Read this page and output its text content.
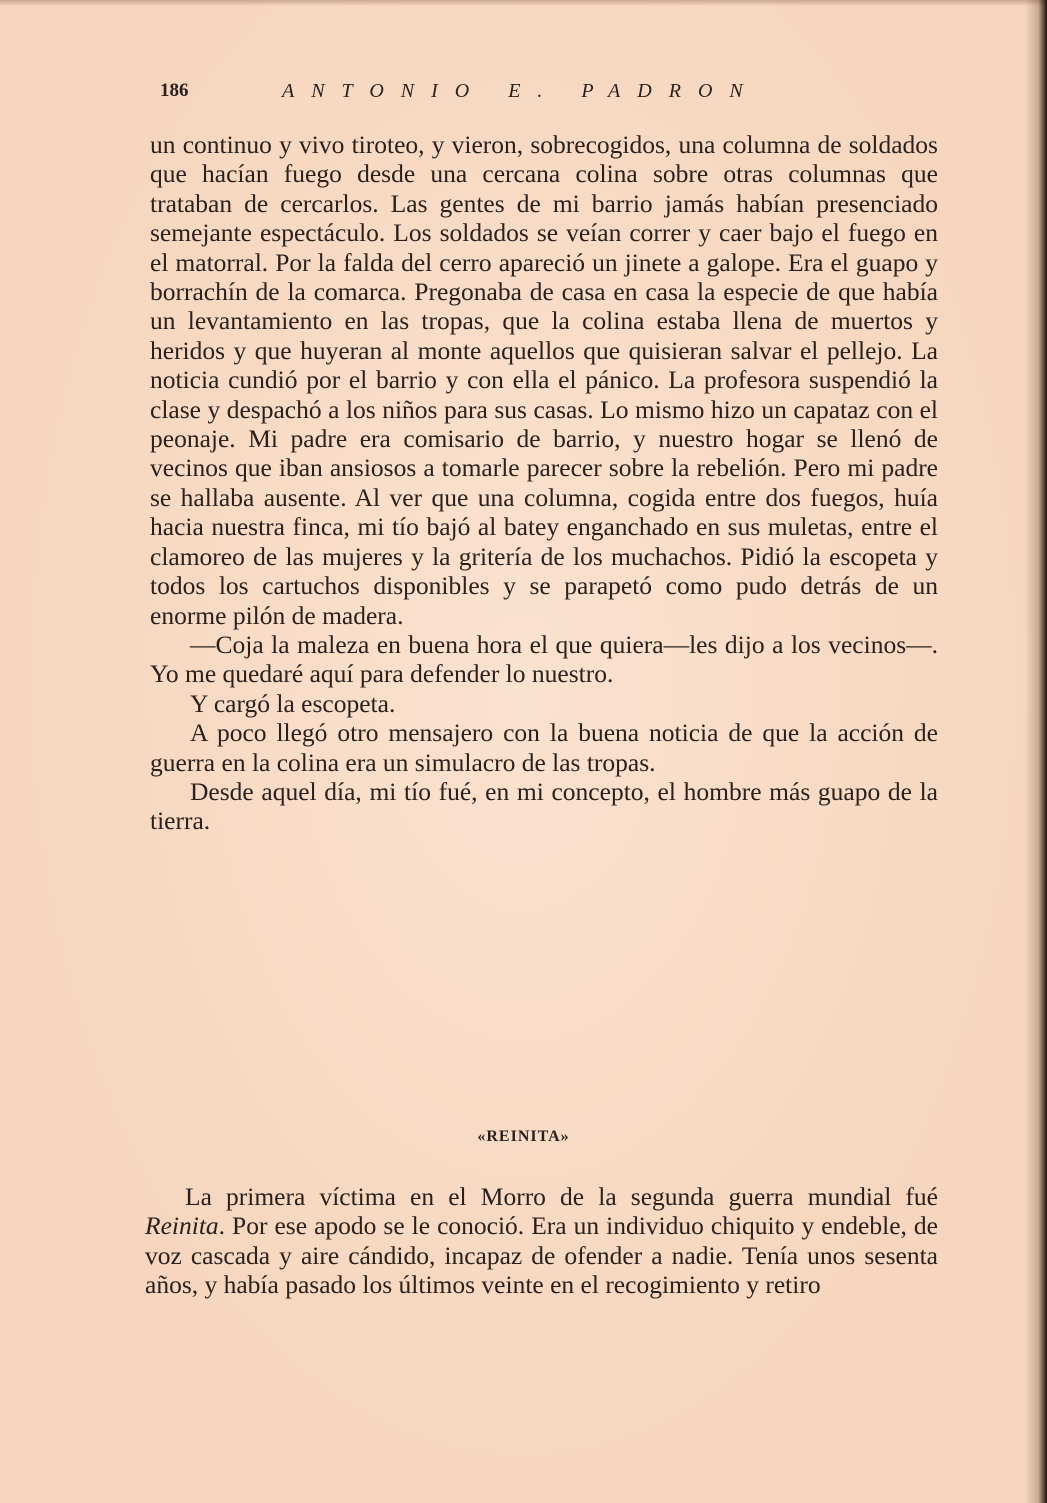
186	ANTONIO E. PADRON

un continuo y vivo tiroteo, y vieron, sobrecogidos, una columna de soldados que hacían fuego desde una cercana colina sobre otras columnas que trataban de cercarlos. Las gentes de mi barrio jamás habían presenciado semejante espectáculo. Los soldados se veían correr y caer bajo el fuego en el matorral. Por la falda del cerro apareció un jinete a galope. Era el guapo y borrachín de la comarca. Pregonaba de casa en casa la especie de que había un levantamiento en las tropas, que la colina estaba llena de muertos y heridos y que huyeran al monte aquellos que quisieran salvar el pellejo. La noticia cundió por el barrio y con ella el pánico. La profesora suspendió la clase y despachó a los niños para sus casas. Lo mismo hizo un capataz con el peonaje. Mi padre era comisario de barrio, y nuestro hogar se llenó de vecinos que iban ansiosos a tomarle parecer sobre la rebelión. Pero mi padre se hallaba ausente. Al ver que una columna, cogida entre dos fuegos, huía hacia nuestra finca, mi tío bajó al batey enganchado en sus muletas, entre el clamoreo de las mujeres y la gritería de los muchachos. Pidió la escopeta y todos los cartuchos disponibles y se parapetó como pudo detrás de un enorme pilón de madera.

—Coja la maleza en buena hora el que quiera—les dijo a los vecinos—. Yo me quedaré aquí para defender lo nuestro.

Y cargó la escopeta.

A poco llegó otro mensajero con la buena noticia de que la acción de guerra en la colina era un simulacro de las tropas.

Desde aquel día, mi tío fué, en mi concepto, el hombre más guapo de la tierra.

«REINITA»

La primera víctima en el Morro de la segunda guerra mundial fué Reinita. Por ese apodo se le conoció. Era un individuo chiquito y endeble, de voz cascada y aire cándido, incapaz de ofender a nadie. Tenía unos sesenta años, y había pasado los últimos veinte en el recogimiento y retiro
